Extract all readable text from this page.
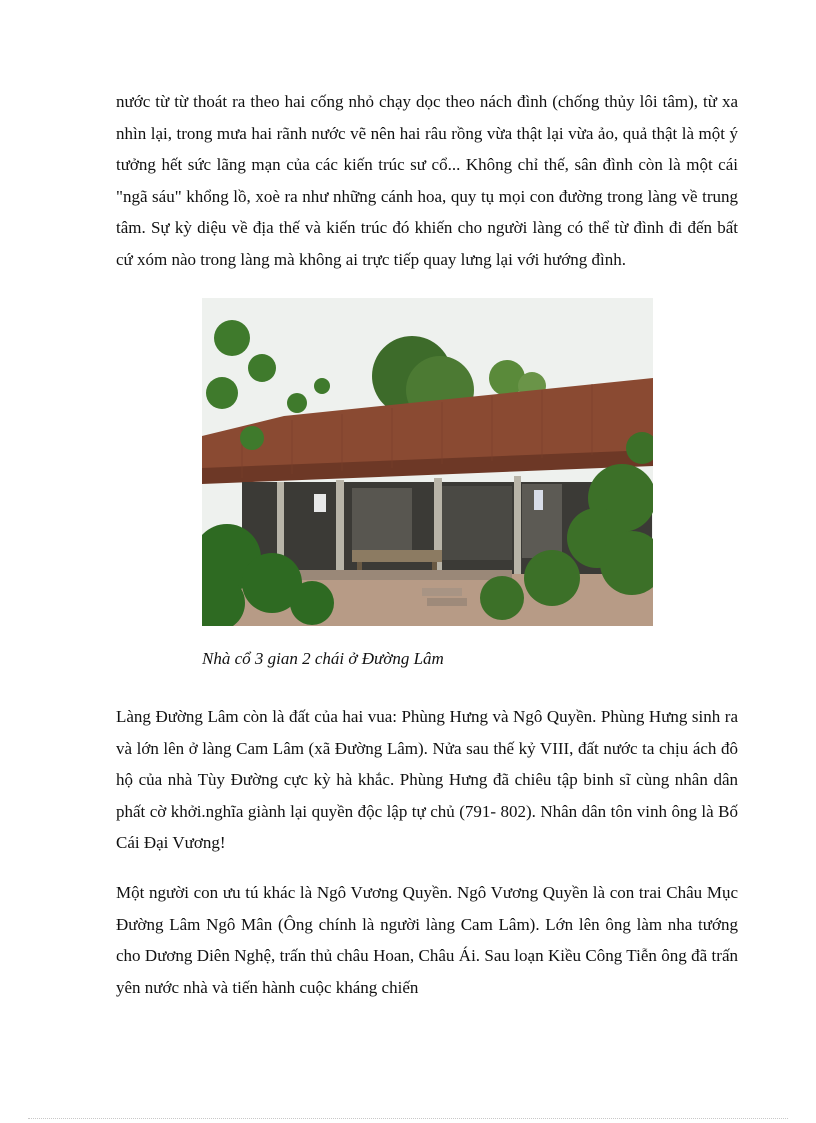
nước từ từ thoát ra theo hai cống nhỏ chạy dọc theo nách đình (chống thủy lôi tâm), từ xa nhìn lại, trong mưa hai rãnh nước vẽ nên hai râu rồng vừa thật lại vừa ảo, quả thật là một ý tưởng hết sức lãng mạn của các kiến trúc sư cổ... Không chỉ thế, sân đình còn là một cái "ngã sáu" khổng lồ, xoè ra như những cánh hoa, quy tụ mọi con đường trong làng về trung tâm. Sự kỳ diệu về địa thế và kiến trúc đó khiến cho người làng có thể từ đình đi đến bất cứ xóm nào trong làng mà không ai trực tiếp quay lưng lại với hướng đình.

Nhà cổ 3 gian 2 chái ở Đường Lâm

Làng Đường Lâm còn là đất của hai vua: Phùng Hưng và Ngô Quyền. Phùng Hưng sinh ra và lớn lên ở làng Cam Lâm (xã Đường Lâm). Nửa sau thế kỷ VIII, đất nước ta chịu ách đô hộ của nhà Tùy Đường cực kỳ hà khắc. Phùng Hưng đã chiêu tập binh sĩ cùng nhân dân phất cờ khởi.nghĩa giành lại quyền độc lập tự chủ (791- 802). Nhân dân tôn vinh ông là Bố Cái Đại Vương!

Một người con ưu tú khác là Ngô Vương Quyền. Ngô Vương Quyền là con trai Châu Mục Đường Lâm Ngô Mân (Ông chính là người làng Cam Lâm). Lớn lên ông làm nha tướng cho Dương Diên Nghệ, trấn thủ châu Hoan, Châu Ái. Sau loạn Kiều Công Tiễn ông đã trấn yên nước nhà và tiến hành cuộc kháng chiến
